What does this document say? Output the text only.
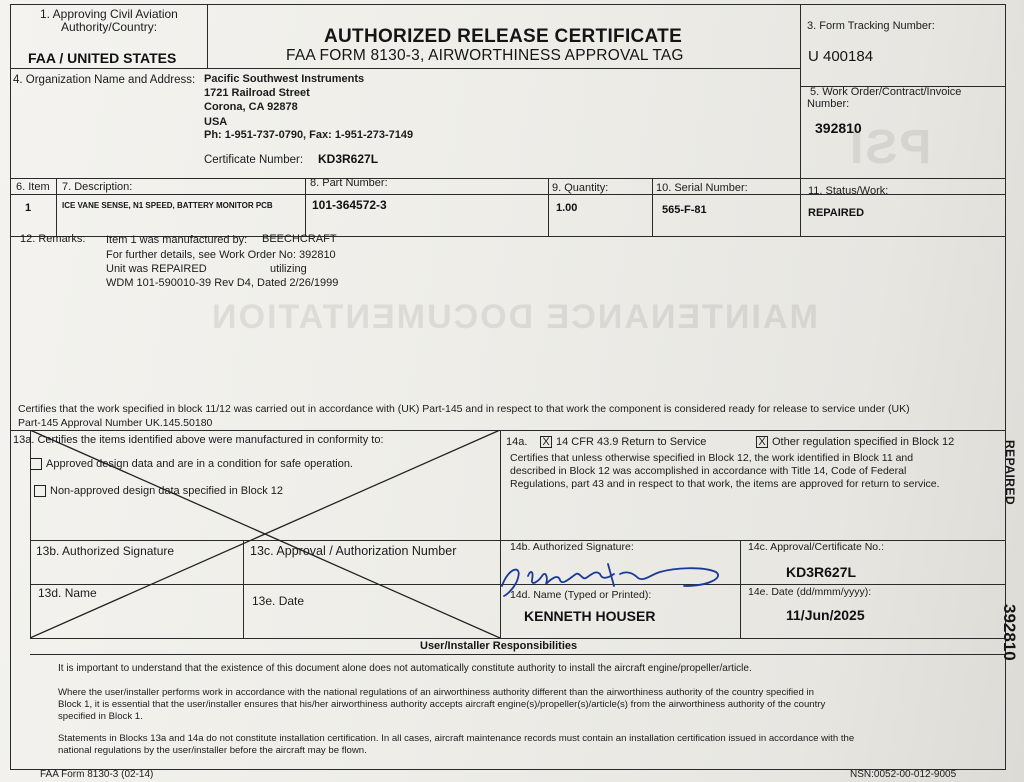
MAINTENANCE DOCUMENTATION
PSI
1. Approving Civil Aviation
Authority/Country:
FAA / UNITED STATES
AUTHORIZED RELEASE CERTIFICATE
FAA FORM 8130-3, AIRWORTHINESS APPROVAL TAG
3. Form Tracking Number:
U 400184
4. Organization Name and Address: Pacific Southwest Instruments
1721 Railroad Street
Corona, CA 92878
USA
Ph: 1-951-737-0790, Fax: 1-951-273-7149
Certificate Number: KD3R627L
5. Work Order/Contract/Invoice
Number:
392810
6. Item 7. Description:	8. Part Number:	9. Quantity:	10. Serial Number:	11. Status/Work:
1	ICE VANE SENSE, N1 SPEED, BATTERY MONITOR PCB	101-364572-3	1.00	565-F-81	REPAIRED
12. Remarks: Item 1 was manufactured by: BEECHCRAFT
For further details, see Work Order No: 392810
Unit was REPAIRED	utilizing
WDM 101-590010-39 Rev D4, Dated 2/26/1999
Certifies that the work specified in block 11/12 was carried out in accordance with (UK) Part-145 and in respect to that work the component is considered ready for release to service under (UK)
Part-145 Approval Number UK.145.50180
13a. Certifies the items identified above were manufactured in conformity to:
Approved design data and are in a condition for safe operation.
Non-approved design data specified in Block 12
13b. Authorized Signature	13c. Approval / Authorization Number
13d. Name
13e. Date
14a. X 14 CFR 43.9 Return to Service	X Other regulation specified in Block 12
Certifies that unless otherwise specified in Block 12, the work identified in Block 11 and
described in Block 12 was accomplished in accordance with Title 14, Code of Federal
Regulations, part 43 and in respect to that work, the items are approved for return to service.
14b. Authorized Signature:	14c. Approval/Certificate No.:
KD3R627L
14d. Name (Typed or Printed):
KENNETH HOUSER
14e. Date (dd/mmm/yyyy):
11/Jun/2025
User/Installer Responsibilities
It is important to understand that the existence of this document alone does not automatically constitute authority to install the aircraft engine/propeller/article.
Where the user/installer performs work in accordance with the national regulations of an airworthiness authority different than the airworthiness authority of the country specified in
Block 1, it is essential that the user/installer ensures that his/her airworthiness authority accepts aircraft engine(s)/propeller(s)/article(s) from the airworthiness authority of the country
specified in Block 1.
Statements in Blocks 13a and 14a do not constitute installation certification. In all cases, aircraft maintenance records must contain an installation certification issued in accordance with the
national regulations by the user/installer before the aircraft may be flown.
FAA Form 8130-3 (02-14)	NSN:0052-00-012-9005
REPAIRED
392810
